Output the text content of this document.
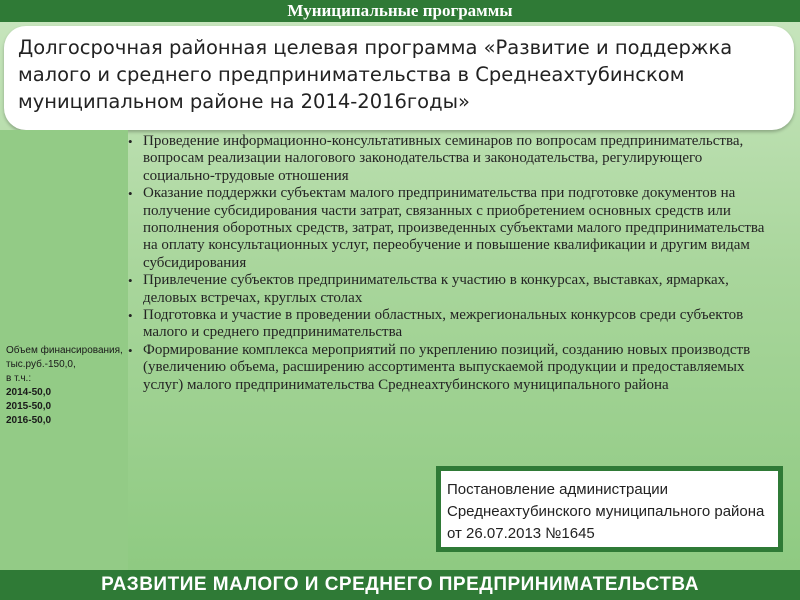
Муниципальные программы
Долгосрочная районная целевая программа «Развитие и поддержка малого и среднего предпринимательства в Среднеахтубинском муниципальном районе на 2014-2016годы»
Объем финансирования,
тыс.руб.-150,0,
в т.ч.:
2014-50,0
2015-50,0
2016-50,0
• Проведение информационно-консультативных семинаров по вопросам предпринимательства, вопросам реализации налогового законодательства и законодательства, регулирующего социально-трудовые отношения
• Оказание поддержки субъектам малого предпринимательства при подготовке документов на получение субсидирования части затрат, связанных с приобретением основных средств или пополнения оборотных средств, затрат, произведенных субъектами малого предпринимательства на оплату консультационных услуг, переобучение и повышение квалификации и другим видам субсидирования
• Привлечение субъектов предпринимательства к участию в конкурсах, выставках, ярмарках, деловых встречах, круглых столах
• Подготовка и участие в проведении областных, межрегиональных конкурсов среди субъектов малого и среднего предпринимательства
• Формирование комплекса мероприятий по укреплению позиций, созданию новых производств (увеличению объема, расширению ассортимента выпускаемой продукции и предоставляемых услуг) малого предпринимательства Среднеахтубинского муниципального района
Постановление администрации Среднеахтубинского муниципального района от 26.07.2013 №1645
РАЗВИТИЕ МАЛОГО И СРЕДНЕГО ПРЕДПРИНИМАТЕЛЬСТВА
